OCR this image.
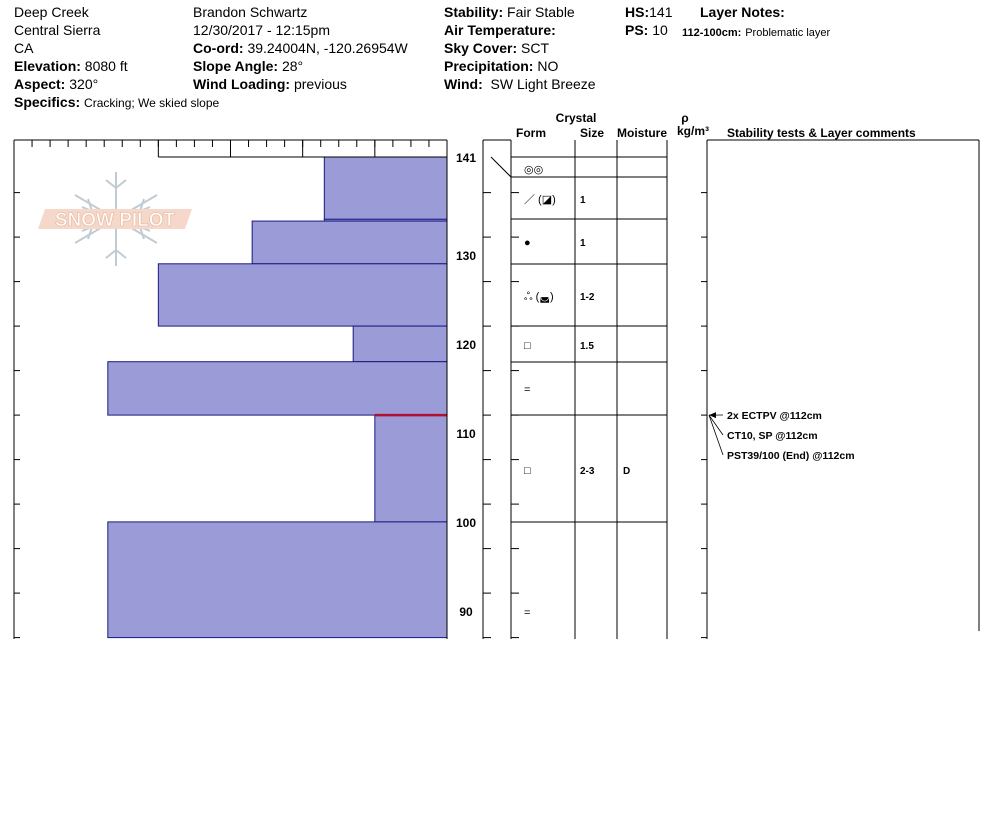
Deep Creek
Central Sierra
CA
Elevation: 8080 ft
Aspect: 320°
Specifics: Cracking; We skied slope
Brandon Schwartz
12/30/2017 - 12:15pm
Co-ord: 39.24004N, -120.26954W
Slope Angle: 28°
Wind Loading: previous
Stability: Fair Stable
Air Temperature:
Sky Cover: SCT
Precipitation: NO
Wind: SW Light Breeze
HS:141
PS: 10
Layer Notes:
112-100cm: Problematic layer
SNOW PILOT
90
100
110
120
130
141
Crystal
Form	Size Moisture
ρ
kg/m³ Stability tests & Layer comments
◎◎
／ (◪) 1
●	1
ஃ (◛)	1-2
□	1.5
=
□	2-3	D
=
2x ECTPV @112cm
CT10, SP @112cm
PST39/100 (End) @112cm
